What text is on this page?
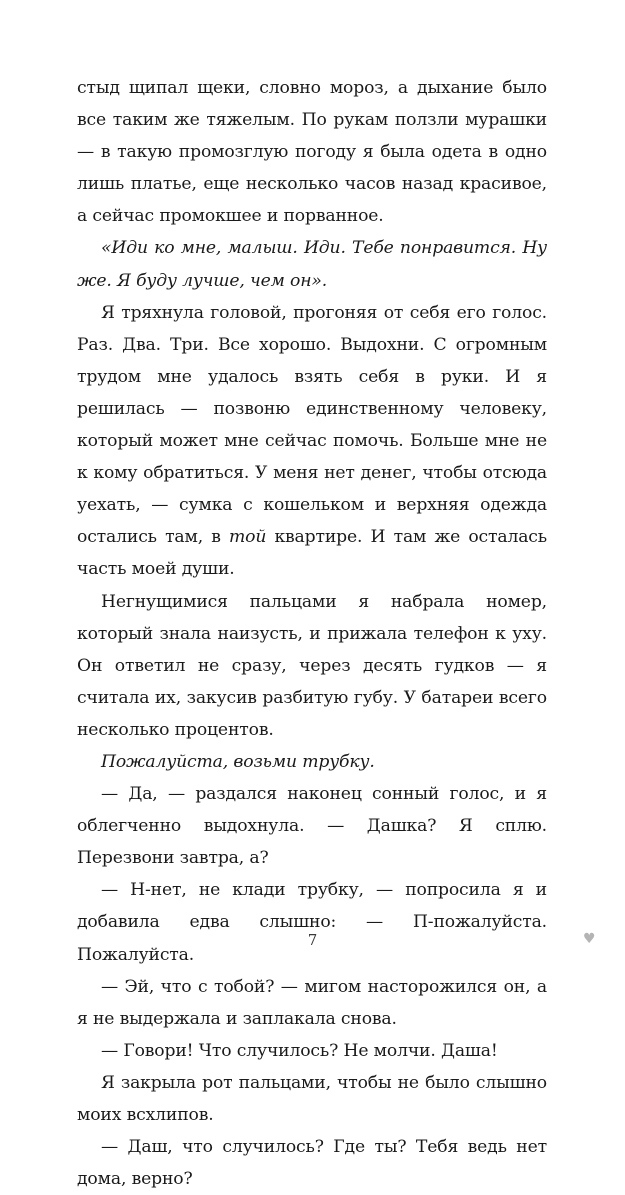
стыд щипал щеки, словно мороз, а дыхание было все таким же тяжелым. По рукам ползли мурашки — в такую промозглую погоду я была одета в одно лишь платье, еще несколько часов назад красивое, а сейчас промокшее и порванное.

«Иди ко мне, малыш. Иди. Тебе понравится. Ну же. Я буду лучше, чем он».

Я тряхнула головой, прогоняя от себя его голос. Раз. Два. Три. Все хорошо. Выдохни. С огромным трудом мне удалось взять себя в руки. И я решилась — позвоню единственному человеку, который может мне сейчас помочь. Больше мне не к кому обратиться. У меня нет денег, чтобы отсюда уехать, — сумка с кошельком и верхняя одежда остались там, в той квартире. И там же осталась часть моей души.

Негнущимися пальцами я набрала номер, который знала наизусть, и прижала телефон к уху. Он ответил не сразу, через десять гудков — я считала их, закусив разбитую губу. У батареи всего несколько процентов.

Пожалуйста, возьми трубку.

— Да, — раздался наконец сонный голос, и я облегченно выдохнула. — Дашка? Я сплю. Перезвони завтра, а?

— Н-нет, не клади трубку, — попросила я и добавила едва слышно: — П-пожалуйста. Пожалуйста.

— Эй, что с тобой? — мигом насторожился он, а я не выдержала и заплакала снова.

— Говори! Что случилось? Не молчи. Даша!

Я закрыла рот пальцами, чтобы не было слышно моих всхлипов.

— Даш, что случилось? Где ты? Тебя ведь нет дома, верно?

7	♥
